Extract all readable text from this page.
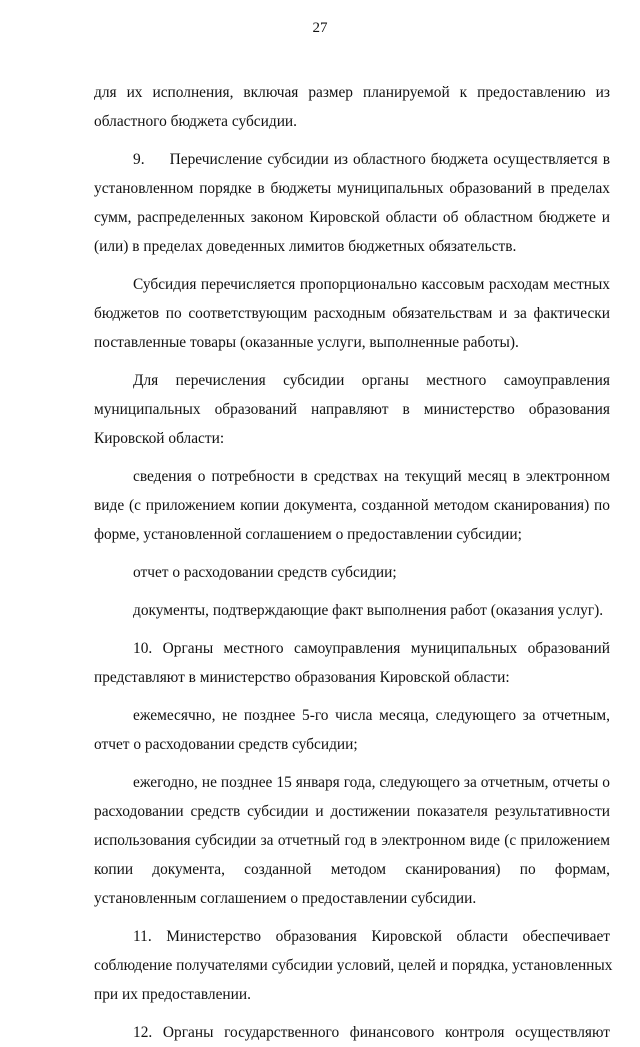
27
для их исполнения, включая размер планируемой к предоставлению из
областного бюджета субсидии.
9.     Перечисление субсидии из областного бюджета осуществляется в
установленном порядке в бюджеты муниципальных образований в пределах
сумм, распределенных законом Кировской области об областном бюджете и
(или) в пределах доведенных лимитов бюджетных обязательств.
Субсидия перечисляется пропорционально кассовым расходам местных
бюджетов по соответствующим расходным обязательствам и за фактически
поставленные товары (оказанные услуги, выполненные работы).
Для перечисления субсидии органы местного самоуправления
муниципальных образований направляют в министерство образования
Кировской области:
сведения о потребности в средствах на текущий месяц в электронном
виде (с приложением копии документа, созданной методом сканирования) по
форме, установленной соглашением о предоставлении субсидии;
отчет о расходовании средств субсидии;
документы, подтверждающие факт выполнения работ (оказания услуг).
10. Органы местного самоуправления муниципальных образований
представляют в министерство образования Кировской области:
ежемесячно, не позднее 5-го числа месяца, следующего за отчетным,
отчет о расходовании средств субсидии;
ежегодно, не позднее 15 января года, следующего за отчетным, отчеты о
расходовании средств субсидии и достижении показателя результативности
использования субсидии за отчетный год в электронном виде (с приложением
копии документа, созданной методом сканирования) по формам,
установленным соглашением о предоставлении субсидии.
11. Министерство образования Кировской области обеспечивает
соблюдение получателями субсидии условий, целей и порядка, установленных
при их предоставлении.
12. Органы государственного финансового контроля осуществляют
